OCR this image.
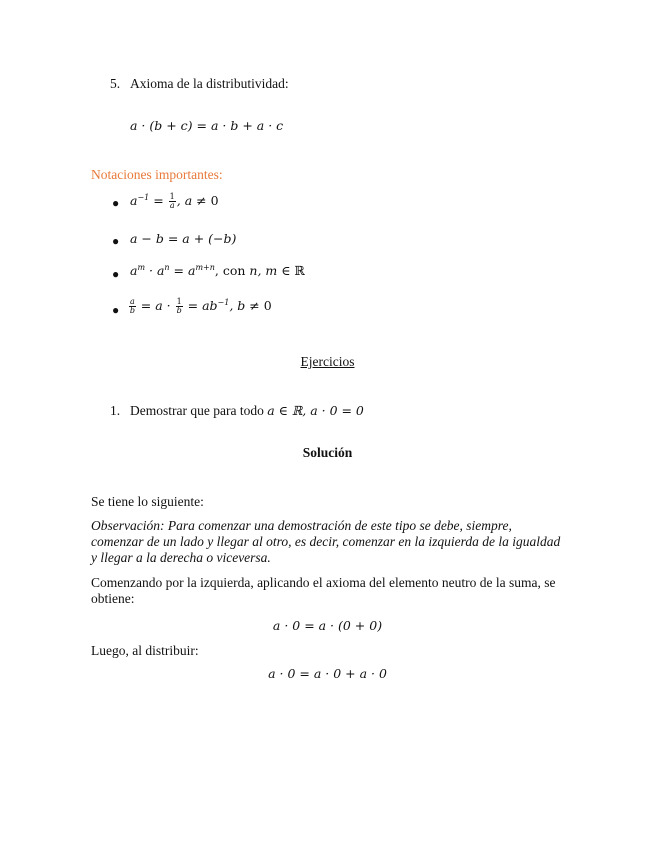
5. Axioma de la distributividad:
a · (b + c) = a · b + a · c
Notaciones importantes:
● $a^{-1} = \frac{1}{a}$ , a ≠ 0
● a − b = a + (−b)
● $a^m \cdot a^n = a^{m+n}$, con n, m ∈ ℝ
● $\frac{a}{b} = a \cdot \frac{1}{b} = ab^{-1}$, b ≠ 0
Ejercicios
1. Demostrar que para todo a ∈ ℝ, a · 0 = 0
Solución
Se tiene lo siguiente:
Observación: Para comenzar una demostración de este tipo se debe, siempre, comenzar de un lado y llegar al otro, es decir, comenzar en la izquierda de la igualdad y llegar a la derecha o viceversa.
Comenzando por la izquierda, aplicando el axioma del elemento neutro de la suma, se obtiene:
a · 0 = a · (0 + 0)
Luego, al distribuir:
a · 0 = a · 0 + a · 0
